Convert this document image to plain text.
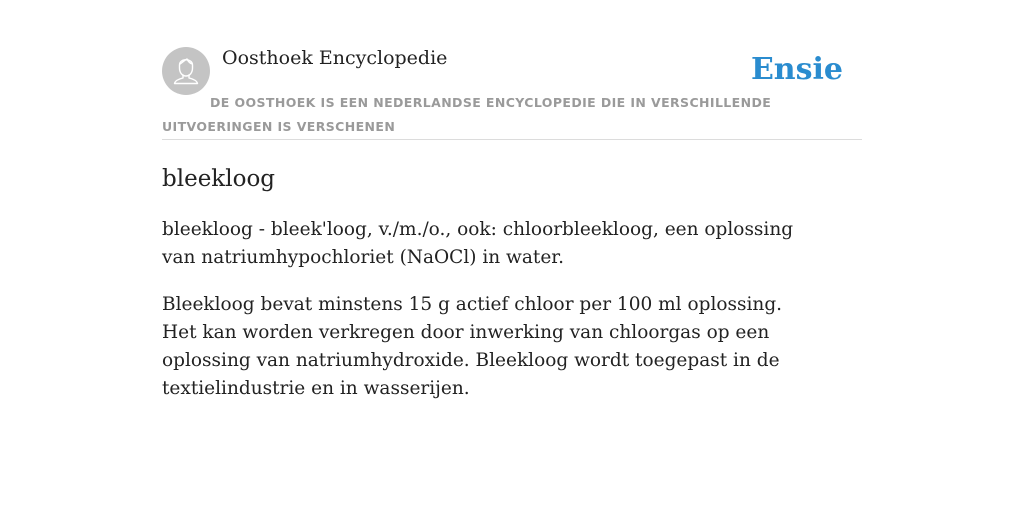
Oosthoek Encyclopedie	Ensie

DE OOSTHOEK IS EEN NEDERLANDSE ENCYCLOPEDIE DIE IN VERSCHILLENDE UITVOERINGEN IS VERSCHENEN

bleekloog

bleekloog - bleek'loog, v./m./o., ook: chloorbleekloog, een oplossing van natriumhypochloriet (NaOCl) in water.

Bleekloog bevat minstens 15 g actief chloor per 100 ml oplossing. Het kan worden verkregen door inwerking van chloorgas op een oplossing van natriumhydroxide. Bleekloog wordt toegepast in de textielindustrie en in wasserijen.
